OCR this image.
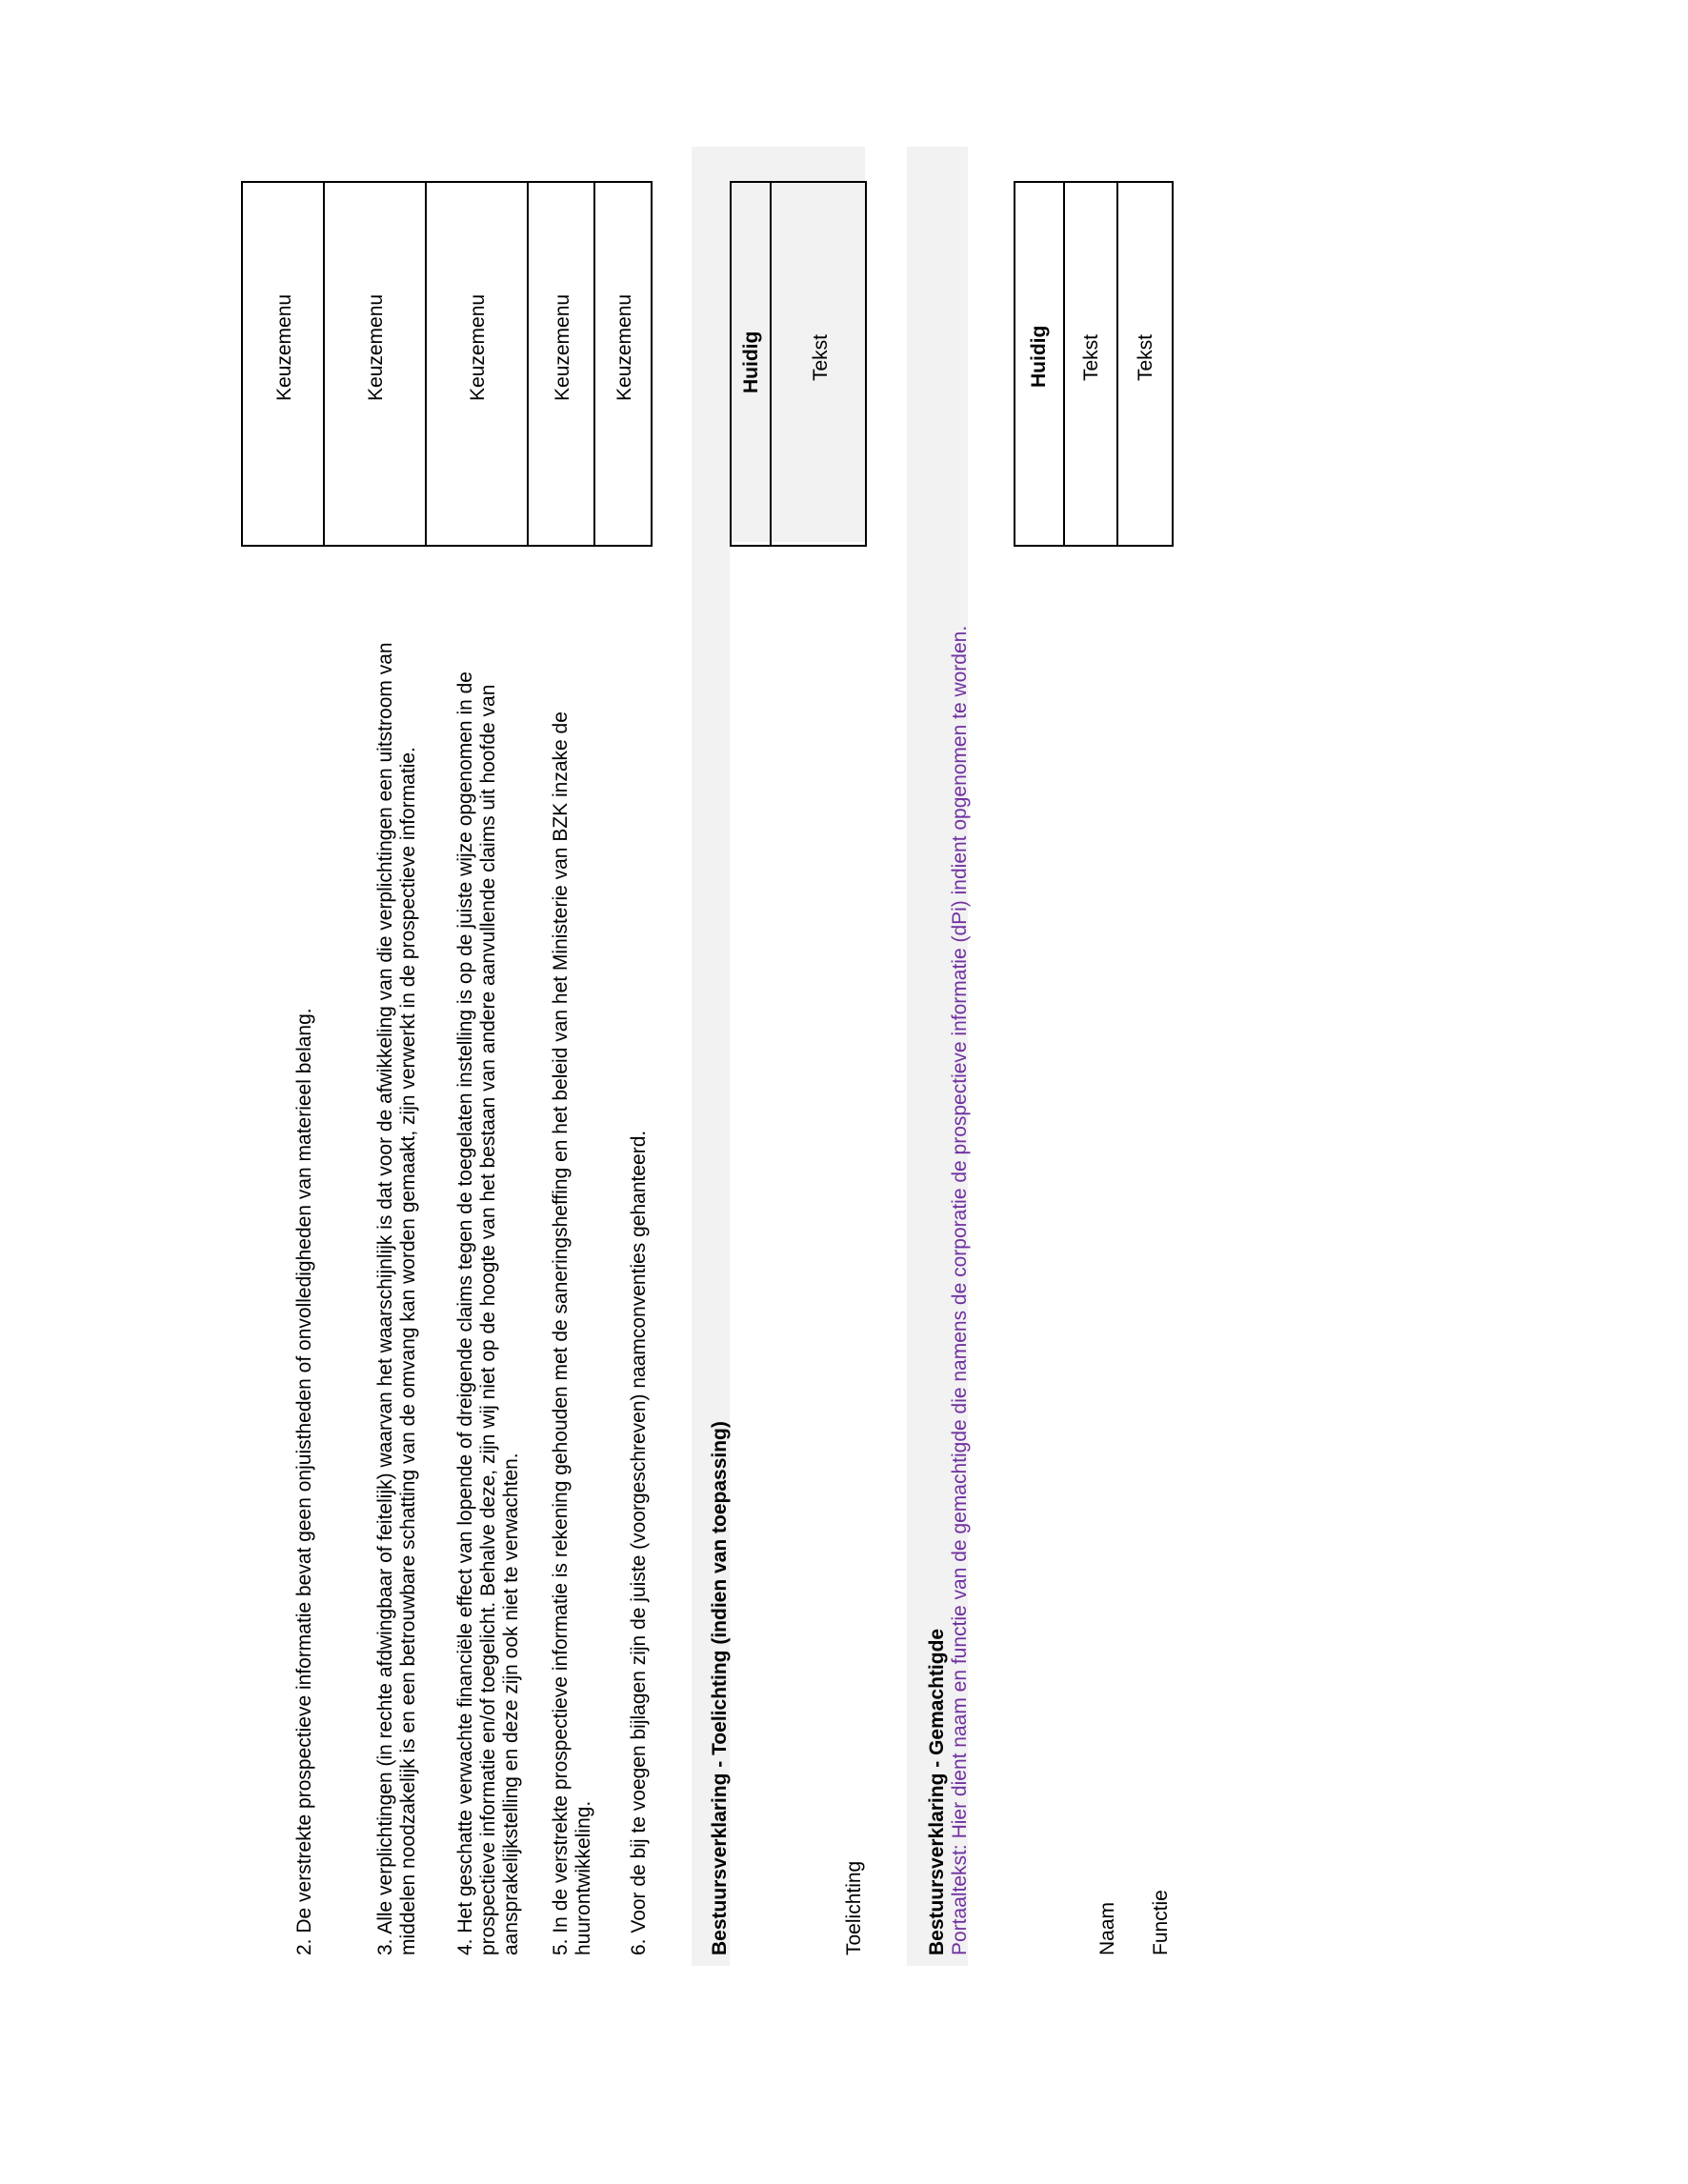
2. De verstrekte prospectieve informatie bevat geen onjuistheden of onvolledigheden van materieel belang.
Keuzemenu
3. Alle verplichtingen (in rechte afdwingbaar of feitelijk) waarvan het waarschijnlijk is dat voor de afwikkeling van die verplichtingen een uitstroom van middelen noodzakelijk is en een betrouwbare schatting van de omvang kan worden gemaakt, zijn verwerkt in de prospectieve informatie.
Keuzemenu
4. Het geschatte verwachte financiële effect van lopende of dreigende claims tegen de toegelaten instelling is op de juiste wijze opgenomen in de prospectieve informatie en/of toegelicht. Behalve deze, zijn wij niet op de hoogte van het bestaan van andere aanvullende claims uit hoofde van aansprakelijkstelling en deze zijn ook niet te verwachten.
Keuzemenu
5. In de verstrekte prospectieve informatie is rekening gehouden met de saneringsheffing en het beleid van het Ministerie van BZK inzake de huurontwikkeling.
Keuzemenu
6. Voor de bij te voegen bijlagen zijn de juiste (voorgeschreven) naamconventies gehanteerd.
Keuzemenu
Bestuursverklaring - Toelichting (indien van toepassing)
Huidig Tekst
Toelichting	Bestuursverklaring - Gemachtigde Portaaltekst: Hier dient naam en functie van de gemachtigde die namens de corporatie de prospectieve informatie (dPi) indient opgenomen te worden.
Huidig Tekst Tekst
Naam Functie
